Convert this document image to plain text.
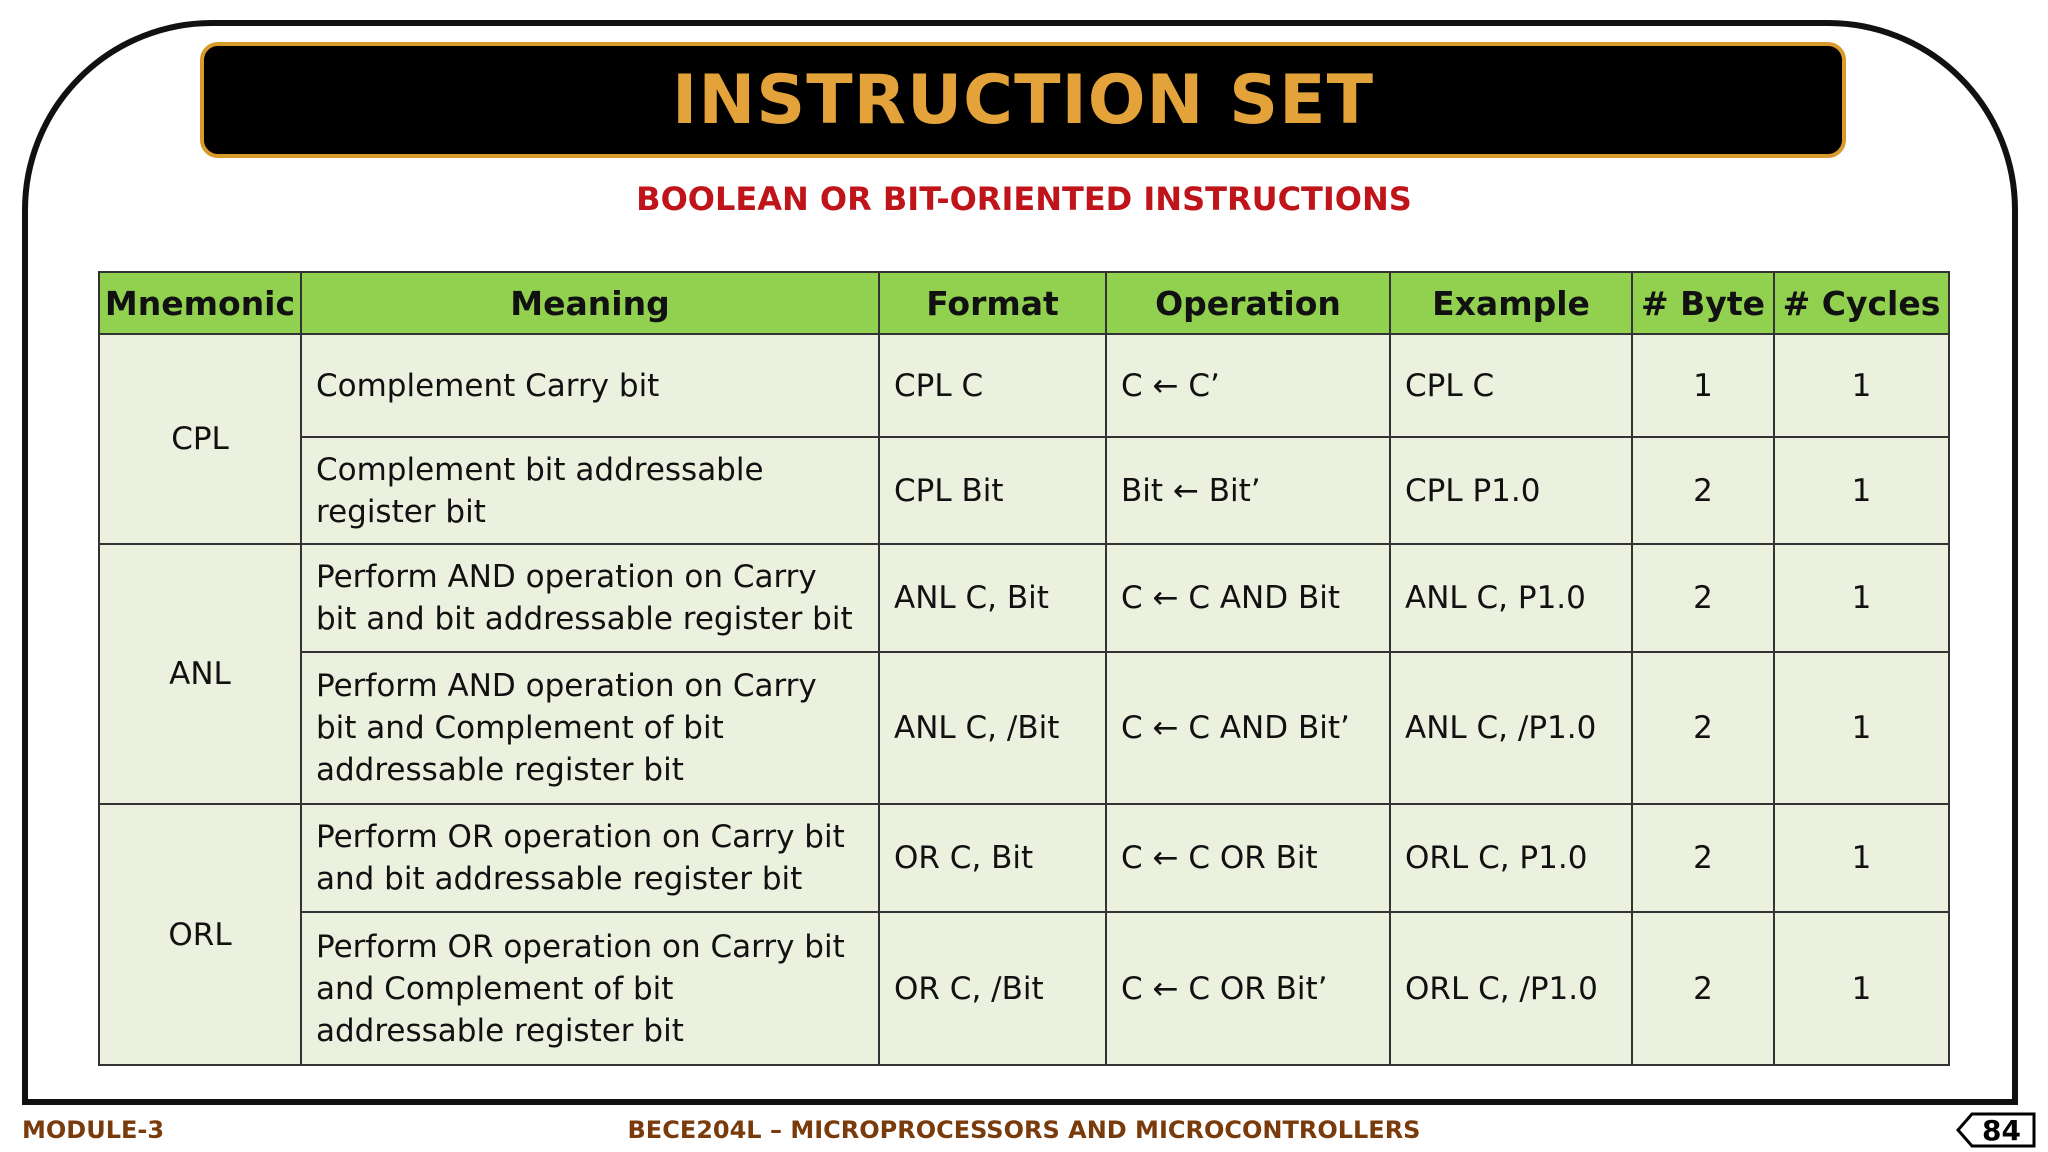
INSTRUCTION SET
BOOLEAN OR BIT-ORIENTED INSTRUCTIONS
Mnemonic	Meaning	Format	Operation	Example	# Byte	# Cycles
CPL	Complement Carry bit	CPL C	C ← C’	CPL C	1	1
	Complement bit addressable register bit	CPL Bit	Bit ← Bit’	CPL P1.0	2	1
ANL	Perform AND operation on Carry bit and bit addressable register bit	ANL C, Bit	C ← C AND Bit	ANL C, P1.0	2	1
	Perform AND operation on Carry bit and Complement of bit addressable register bit	ANL C, /Bit	C ← C AND Bit’	ANL C, /P1.0	2	1
ORL	Perform OR operation on Carry bit and bit addressable register bit	OR C, Bit	C ← C OR Bit	ORL C, P1.0	2	1
	Perform OR operation on Carry bit and Complement of bit addressable register bit	OR C, /Bit	C ← C OR Bit’	ORL C, /P1.0	2	1
MODULE-3	BECE204L – MICROPROCESSORS AND MICROCONTROLLERS	84
